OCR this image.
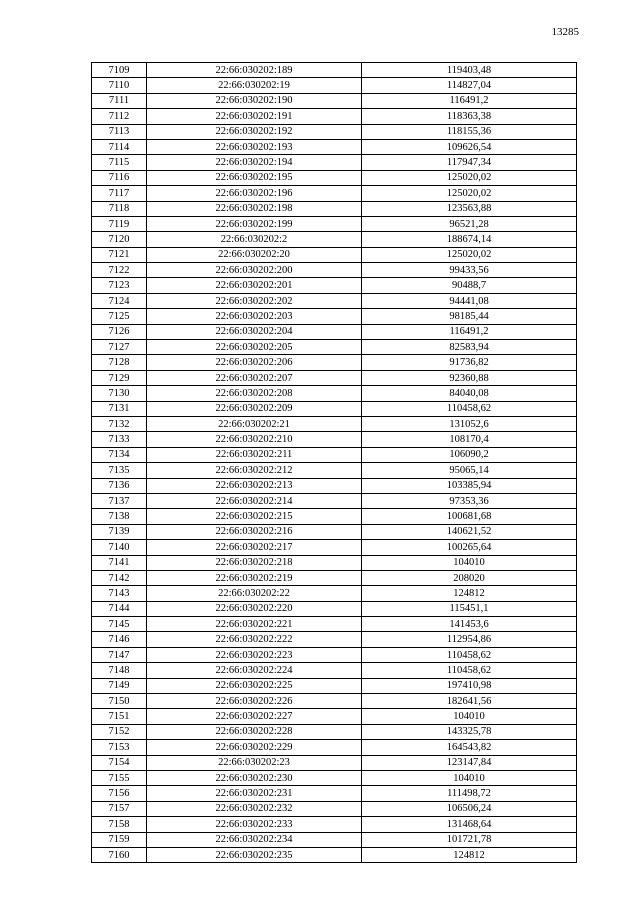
13285
7109	22:66:030202:189	119403,48
7110	22:66:030202:19	114827,04
7111	22:66:030202:190	116491,2
7112	22:66:030202:191	118363,38
7113	22:66:030202:192	118155,36
7114	22:66:030202:193	109626,54
7115	22:66:030202:194	117947,34
7116	22:66:030202:195	125020,02
7117	22:66:030202:196	125020,02
7118	22:66:030202:198	123563,88
7119	22:66:030202:199	96521,28
7120	22:66:030202:2	188674,14
7121	22:66:030202:20	125020,02
7122	22:66:030202:200	99433,56
7123	22:66:030202:201	90488,7
7124	22:66:030202:202	94441,08
7125	22:66:030202:203	98185,44
7126	22:66:030202:204	116491,2
7127	22:66:030202:205	82583,94
7128	22:66:030202:206	91736,82
7129	22:66:030202:207	92360,88
7130	22:66:030202:208	84040,08
7131	22:66:030202:209	110458,62
7132	22:66:030202:21	131052,6
7133	22:66:030202:210	108170,4
7134	22:66:030202:211	106090,2
7135	22:66:030202:212	95065,14
7136	22:66:030202:213	103385,94
7137	22:66:030202:214	97353,36
7138	22:66:030202:215	100681,68
7139	22:66:030202:216	140621,52
7140	22:66:030202:217	100265,64
7141	22:66:030202:218	104010
7142	22:66:030202:219	208020
7143	22:66:030202:22	124812
7144	22:66:030202:220	115451,1
7145	22:66:030202:221	141453,6
7146	22:66:030202:222	112954,86
7147	22:66:030202:223	110458,62
7148	22:66:030202:224	110458,62
7149	22:66:030202:225	197410,98
7150	22:66:030202:226	182641,56
7151	22:66:030202:227	104010
7152	22:66:030202:228	143325,78
7153	22:66:030202:229	164543,82
7154	22:66:030202:23	123147,84
7155	22:66:030202:230	104010
7156	22:66:030202:231	111498,72
7157	22:66:030202:232	106506,24
7158	22:66:030202:233	131468,64
7159	22:66:030202:234	101721,78
7160	22:66:030202:235	124812
